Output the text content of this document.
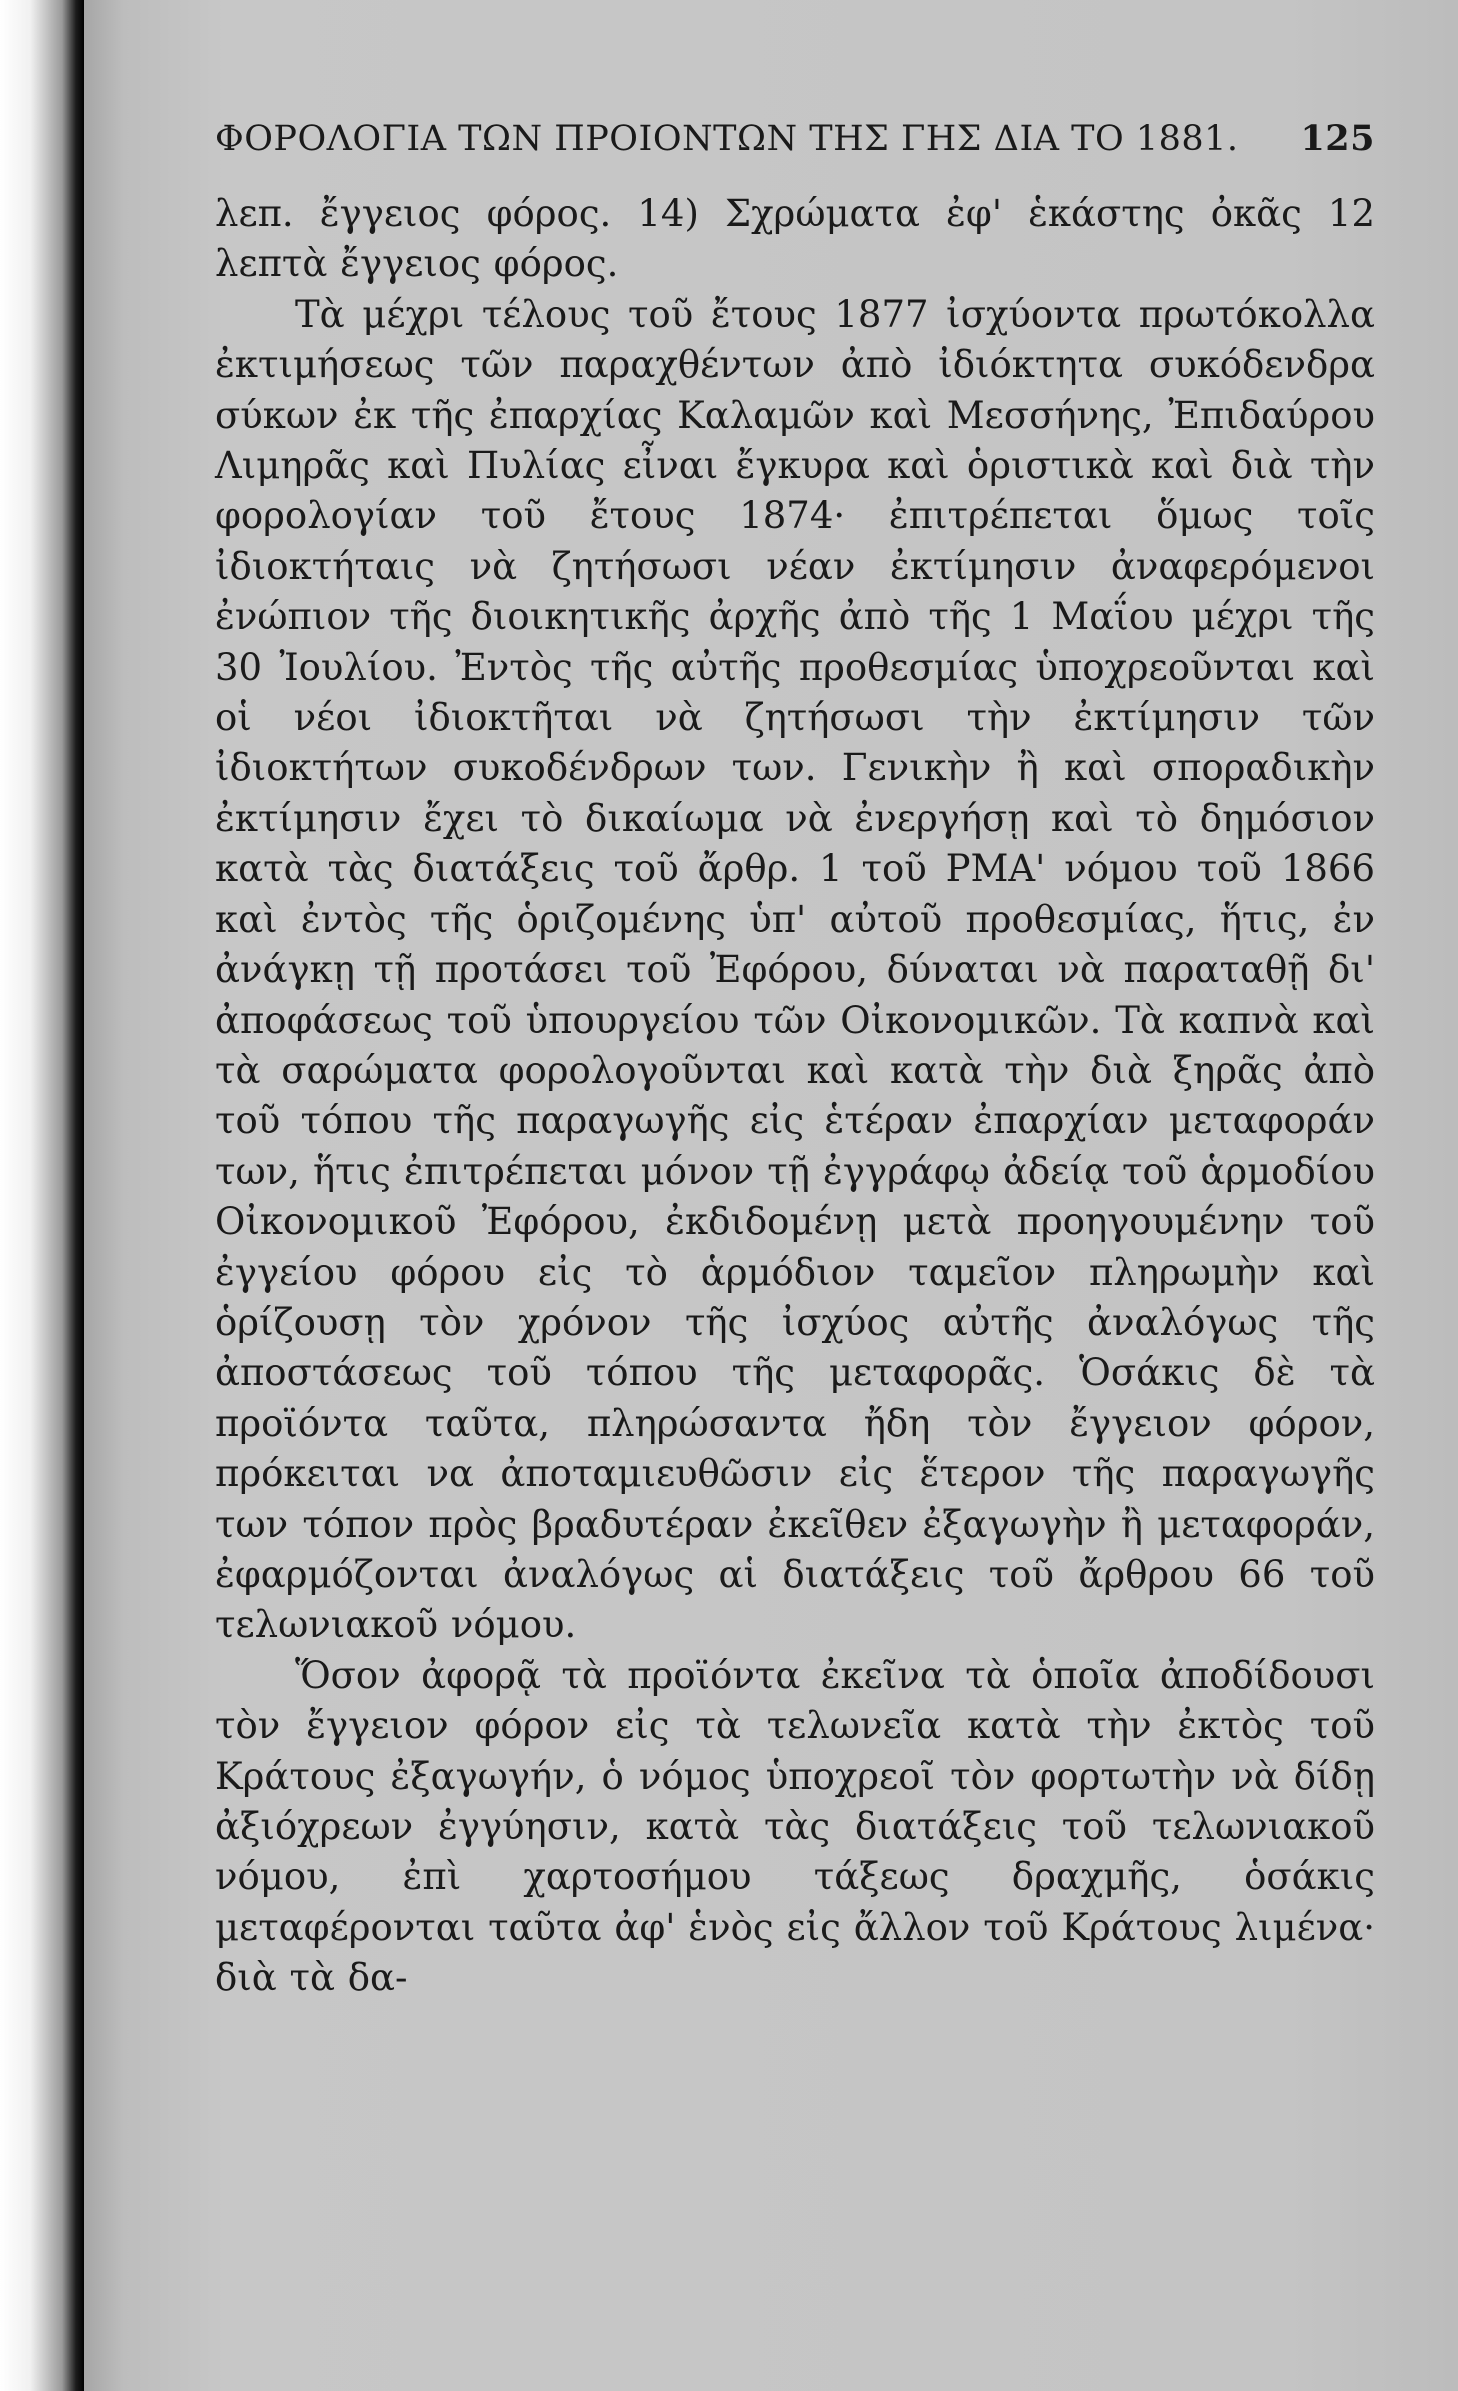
ΦΟΡΟΛΟΓΙΑ ΤΩΝ ΠΡΟΙΟΝΤΩΝ ΤΗΣ ΓΗΣ ΔΙΑ ΤΟ 1881. 125

λεπ. ἔγγειος φόρος. 14) Σχρώματα ἐφ' ἑκάστης ὀκᾶς 12 λεπτὰ ἔγγειος φόρος.

Τὰ μέχρι τέλους τοῦ ἔτους 1877 ἰσχύοντα πρωτόκολλα ἐκτιμήσεως τῶν παραχθέντων ἀπὸ ἰδιόκτητα συκόδενδρα σύκων ἐκ τῆς ἐπαρχίας Καλαμῶν καὶ Μεσσήνης, Ἐπιδαύρου Λιμηρᾶς καὶ Πυλίας εἶναι ἔγκυρα καὶ ὁριστικὰ καὶ διὰ τὴν φορολογίαν τοῦ ἔτους 1874· ἐπιτρέπεται ὅμως τοῖς ἰδιοκτήταις νὰ ζητήσωσι νέαν ἐκτίμησιν ἀναφερόμενοι ἐνώπιον τῆς διοικητικῆς ἀρχῆς ἀπὸ τῆς 1 Μαΐου μέχρι τῆς 30 Ἰουλίου. Ἐντὸς τῆς αὐτῆς προθεσμίας ὑποχρεοῦνται καὶ οἱ νέοι ἰδιοκτῆται νὰ ζητήσωσι τὴν ἐκτίμησιν τῶν ἰδιοκτήτων συκοδένδρων των. Γενικὴν ἢ καὶ σποραδικὴν ἐκτίμησιν ἔχει τὸ δικαίωμα νὰ ἐνεργήσῃ καὶ τὸ δημόσιον κατὰ τὰς διατάξεις τοῦ ἄρθρ. 1 τοῦ ΡΜΑ' νόμου τοῦ 1866 καὶ ἐντὸς τῆς ὁριζομένης ὑπ' αὐτοῦ προθεσμίας, ἥτις, ἐν ἀνάγκῃ τῇ προτάσει τοῦ Ἐφόρου, δύναται νὰ παραταθῇ δι' ἀποφάσεως τοῦ ὑπουργείου τῶν Οἰκονομικῶν. Τὰ καπνὰ καὶ τὰ σαρώματα φορολογοῦνται καὶ κατὰ τὴν διὰ ξηρᾶς ἀπὸ τοῦ τόπου τῆς παραγωγῆς εἰς ἑτέραν ἐπαρχίαν μεταφοράν των, ἥτις ἐπιτρέπεται μόνον τῇ ἐγγράφῳ ἀδείᾳ τοῦ ἁρμοδίου Οἰκονομικοῦ Ἐφόρου, ἐκδιδομένῃ μετὰ προηγουμένην τοῦ ἐγγείου φόρου εἰς τὸ ἁρμόδιον ταμεῖον πληρωμὴν καὶ ὁρίζουσῃ τὸν χρόνον τῆς ἰσχύος αὐτῆς ἀναλόγως τῆς ἀποστάσεως τοῦ τόπου τῆς μεταφορᾶς. Ὁσάκις δὲ τὰ προϊόντα ταῦτα, πληρώσαντα ἤδη τὸν ἔγγειον φόρον, πρόκειται να ἀποταμιευθῶσιν εἰς ἕτερον τῆς παραγωγῆς των τόπον πρὸς βραδυτέραν ἐκεῖθεν ἐξαγωγὴν ἢ μεταφοράν, ἐφαρμόζονται ἀναλόγως αἱ διατάξεις τοῦ ἄρθρου 66 τοῦ τελωνιακοῦ νόμου.

Ὅσον ἀφορᾷ τὰ προϊόντα ἐκεῖνα τὰ ὁποῖα ἀποδίδουσι τὸν ἔγγειον φόρον εἰς τὰ τελωνεῖα κατὰ τὴν ἐκτὸς τοῦ Κράτους ἐξαγωγήν, ὁ νόμος ὑποχρεοῖ τὸν φορτωτὴν νὰ δίδῃ ἀξιόχρεων ἐγγύησιν, κατὰ τὰς διατάξεις τοῦ τελωνιακοῦ νόμου, ἐπὶ χαρτοσήμου τάξεως δραχμῆς, ὁσάκις μεταφέρονται ταῦτα ἀφ' ἑνὸς εἰς ἄλλον τοῦ Κράτους λιμένα· διὰ τὰ δα-
